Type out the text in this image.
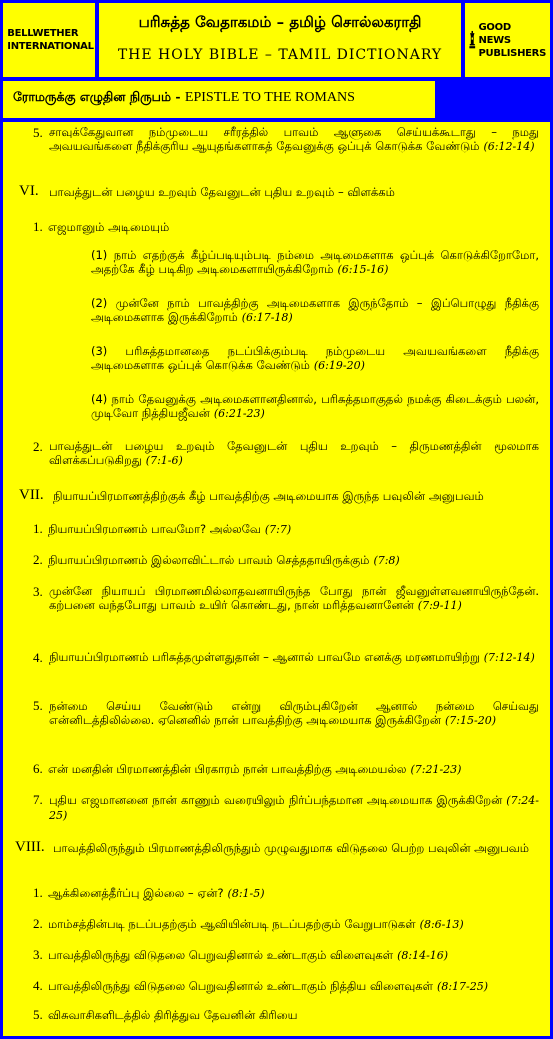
BELLWETHER
INTERNATIONAL
பரிசுத்த வேதாகமம் – தமிழ் சொல்லகராதி
THE HOLY BIBLE – TAMIL DICTIONARY
GOOD NEWS
PUBLISHERS
ரோமருக்கு எழுதின நிருபம் - EPISTLE TO THE ROMANS
5. சாவுக்கேதுவான நம்முடைய சரீரத்தில் பாவம் ஆளுகை செய்யக்கூடாது – நமது அவயவங்களை நீதிக்குரிய ஆயுதங்களாகத் தேவனுக்கு ஒப்புக் கொடுக்க வேண்டும் (6:12-14)
VI. பாவத்துடன் பழைய உறவும் தேவனுடன் புதிய உறவும் – விளக்கம்
1. எஜமானும் அடிமையும்
(1) நாம் எதற்குக் கீழ்ப்படியும்படி நம்மை அடிமைகளாக ஒப்புக் கொடுக்கிறோமோ, அதற்கே கீழ் படிகிற அடிமைகளாயிருக்கிறோம் (6:15-16)
(2) முன்னே நாம் பாவத்திற்கு அடிமைகளாக இருந்தோம் – இப்பொழுது நீதிக்கு அடிமைகளாக இருக்கிறோம் (6:17-18)
(3) பரிசுத்தமானதை நடப்பிக்கும்படி நம்முடைய அவயவங்களை நீதிக்கு அடிமைகளாக ஒப்புக் கொடுக்க வேண்டும் (6:19-20)
(4) நாம் தேவனுக்கு அடிமைகளானதினால், பரிசுத்தமாகுதல் நமக்கு கிடைக்கும் பலன், முடிவோ நித்தியஜீவன் (6:21-23)
2. பாவத்துடன் பழைய உறவும் தேவனுடன் புதிய உறவும் – திருமணத்தின் மூலமாக விளக்கப்படுகிறது (7:1-6)
VII. நியாயப்பிரமாணத்திற்குக் கீழ் பாவத்திற்கு அடிமையாக இருந்த பவுலின் அனுபவம்
1. நியாயப்பிரமாணம் பாவமோ? அல்லவே (7:7)
2. நியாயப்பிரமாணம் இல்லாவிட்டால் பாவம் செத்ததாயிருக்கும் (7:8)
3. முன்னே நியாயப் பிரமாணமில்லாதவனாயிருந்த போது நான் ஜீவனுள்ளவனாயிருந்தேன். கற்பனை வந்தபோது பாவம் உயிர் கொண்டது, நான் மரித்தவனானேன் (7:9-11)
4. நியாயப்பிரமாணம் பரிசுத்தமுள்ளதுதான் – ஆனால் பாவமே எனக்கு மரணமாயிற்று (7:12-14)
5. நன்மை செய்ய வேண்டும் என்று விரும்புகிறேன் ஆனால் நன்மை செய்வது என்னிடத்திலில்லை. ஏனெனில் நான் பாவத்திற்கு அடிமையாக இருக்கிறேன் (7:15-20)
6. என் மனதின் பிரமாணத்தின் பிரகாரம் நான் பாவத்திற்கு அடிமையல்ல (7:21-23)
7. புதிய எஜமானனை நான் காணும் வரையிலும் நிர்ப்பந்தமான அடிமையாக இருக்கிறேன் (7:24-25)
VIII. பாவத்திலிருந்தும் பிரமாணத்திலிருந்தும் முழுவதுமாக விடுதலை பெற்ற பவுலின் அனுபவம்
1. ஆக்கினைத்தீர்ப்பு இல்லை – ஏன்? (8:1-5)
2. மாம்சத்தின்படி நடப்பதற்கும் ஆவியின்படி நடப்பதற்கும் வேறுபாடுகள் (8:6-13)
3. பாவத்திலிருந்து விடுதலை பெறுவதினால் உண்டாகும் விளைவுகள் (8:14-16)
4. பாவத்திலிருந்து விடுதலை பெறுவதினால் உண்டாகும் நித்திய விளைவுகள் (8:17-25)
5. விசுவாசிகளிடத்தில் திரித்துவ தேவனின் கிரியை
